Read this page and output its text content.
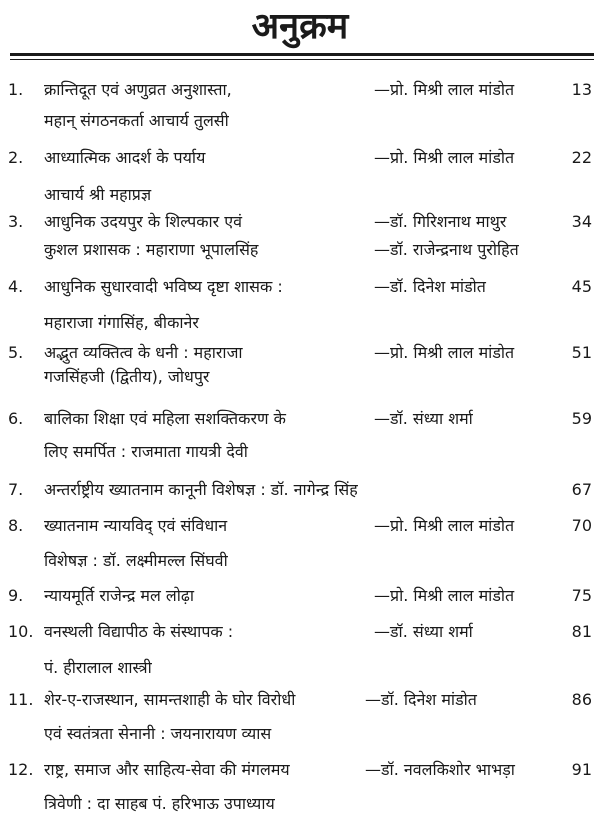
अनुक्रम
1. क्रान्तिदूत एवं अणुव्रत अनुशास्ता,	—प्रो. मिश्री लाल मांडोत	13
महान् संगठनकर्ता आचार्य तुलसी
2. आध्यात्मिक आदर्श के पर्याय	—प्रो. मिश्री लाल मांडोत	22
आचार्य श्री महाप्रज्ञ
3. आधुनिक उदयपुर के शिल्पकार एवं	—डॉ. गिरिशनाथ माथुर	34
कुशल प्रशासक : महाराणा भूपालसिंह	—डॉ. राजेन्द्रनाथ पुरोहित
4. आधुनिक सुधारवादी भविष्य दृष्टा शासक :	—डॉ. दिनेश मांडोत	45
महाराजा गंगासिंह, बीकानेर
5. अद्भुत व्यक्तित्व के धनी : महाराजा	—प्रो. मिश्री लाल मांडोत	51
गजसिंहजी (द्वितीय), जोधपुर
6. बालिका शिक्षा एवं महिला सशक्तिकरण के	—डॉ. संध्या शर्मा	59
लिए समर्पित : राजमाता गायत्री देवी
7. अन्तर्राष्ट्रीय ख्यातनाम कानूनी विशेषज्ञ : डॉ. नागेन्द्र सिंह	67
8. ख्यातनाम न्यायविद् एवं संविधान	—प्रो. मिश्री लाल मांडोत	70
विशेषज्ञ : डॉ. लक्ष्मीमल्ल सिंघवी
9. न्यायमूर्ति राजेन्द्र मल लोढ़ा	—प्रो. मिश्री लाल मांडोत	75
10. वनस्थली विद्यापीठ के संस्थापक :	—डॉ. संध्या शर्मा	81
पं. हीरालाल शास्त्री
11. शेर-ए-राजस्थान, सामन्तशाही के घोर विरोधी	—डॉ. दिनेश मांडोत	86
एवं स्वतंत्रता सेनानी : जयनारायण व्यास
12. राष्ट्र, समाज और साहित्य-सेवा की मंगलमय	—डॉ. नवलकिशोर भाभड़ा	91
त्रिवेणी : दा साहब पं. हरिभाऊ उपाध्याय
